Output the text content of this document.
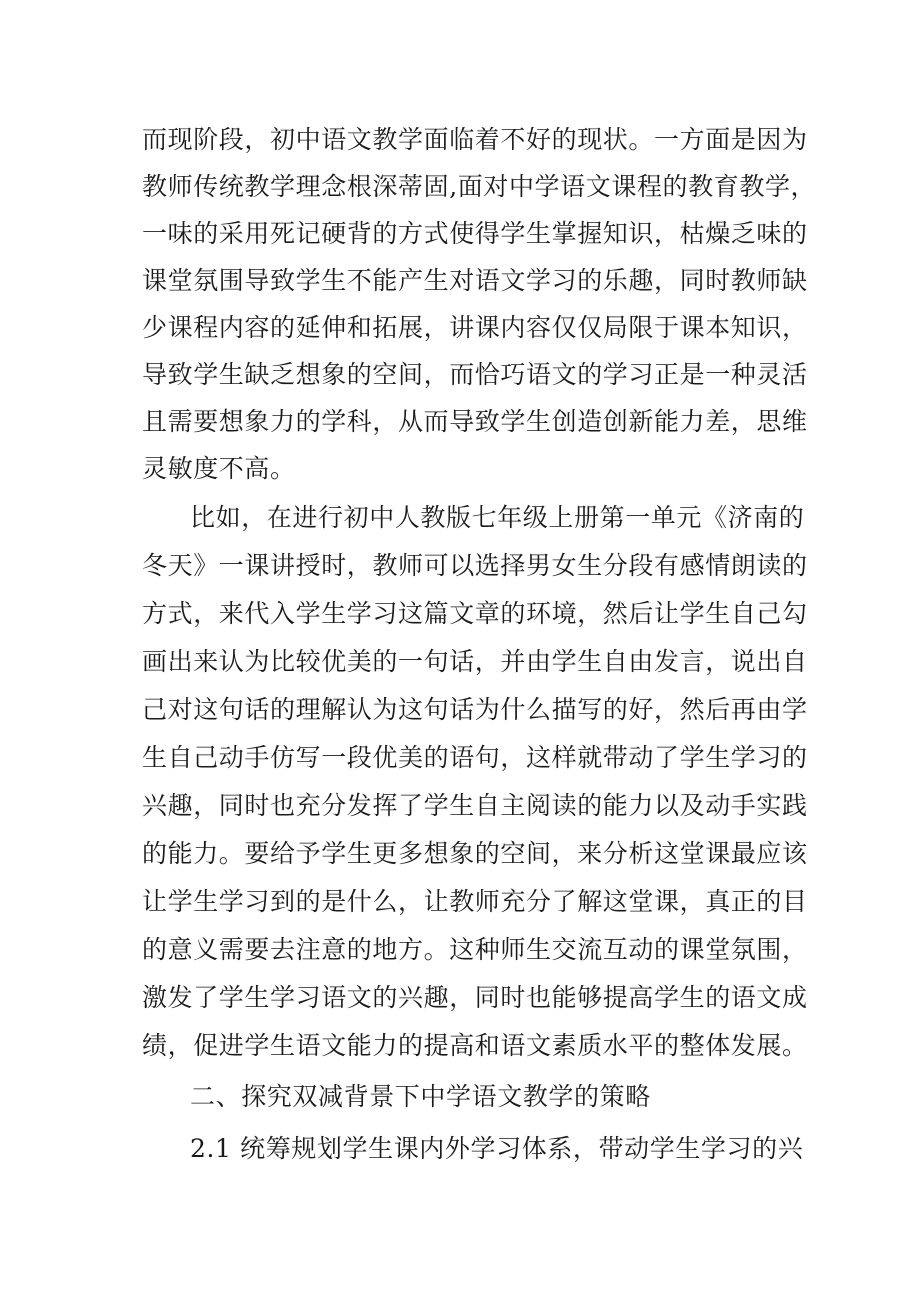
而现阶段，初中语文教学面临着不好的现状。一方面是因为
教师传统教学理念根深蒂固,面对中学语文课程的教育教学，
一味的采用死记硬背的方式使得学生掌握知识，枯燥乏味的
课堂氛围导致学生不能产生对语文学习的乐趣，同时教师缺
少课程内容的延伸和拓展，讲课内容仅仅局限于课本知识，
导致学生缺乏想象的空间，而恰巧语文的学习正是一种灵活
且需要想象力的学科，从而导致学生创造创新能力差，思维
灵敏度不高。
比如，在进行初中人教版七年级上册第一单元《济南的
冬天》一课讲授时，教师可以选择男女生分段有感情朗读的
方式，来代入学生学习这篇文章的环境，然后让学生自己勾
画出来认为比较优美的一句话，并由学生自由发言，说出自
己对这句话的理解认为这句话为什么描写的好，然后再由学
生自己动手仿写一段优美的语句，这样就带动了学生学习的
兴趣，同时也充分发挥了学生自主阅读的能力以及动手实践
的能力。要给予学生更多想象的空间，来分析这堂课最应该
让学生学习到的是什么，让教师充分了解这堂课，真正的目
的意义需要去注意的地方。这种师生交流互动的课堂氛围，
激发了学生学习语文的兴趣，同时也能够提高学生的语文成
绩，促进学生语文能力的提高和语文素质水平的整体发展。
二、探究双减背景下中学语文教学的策略
2.1 统筹规划学生课内外学习体系，带动学生学习的兴
